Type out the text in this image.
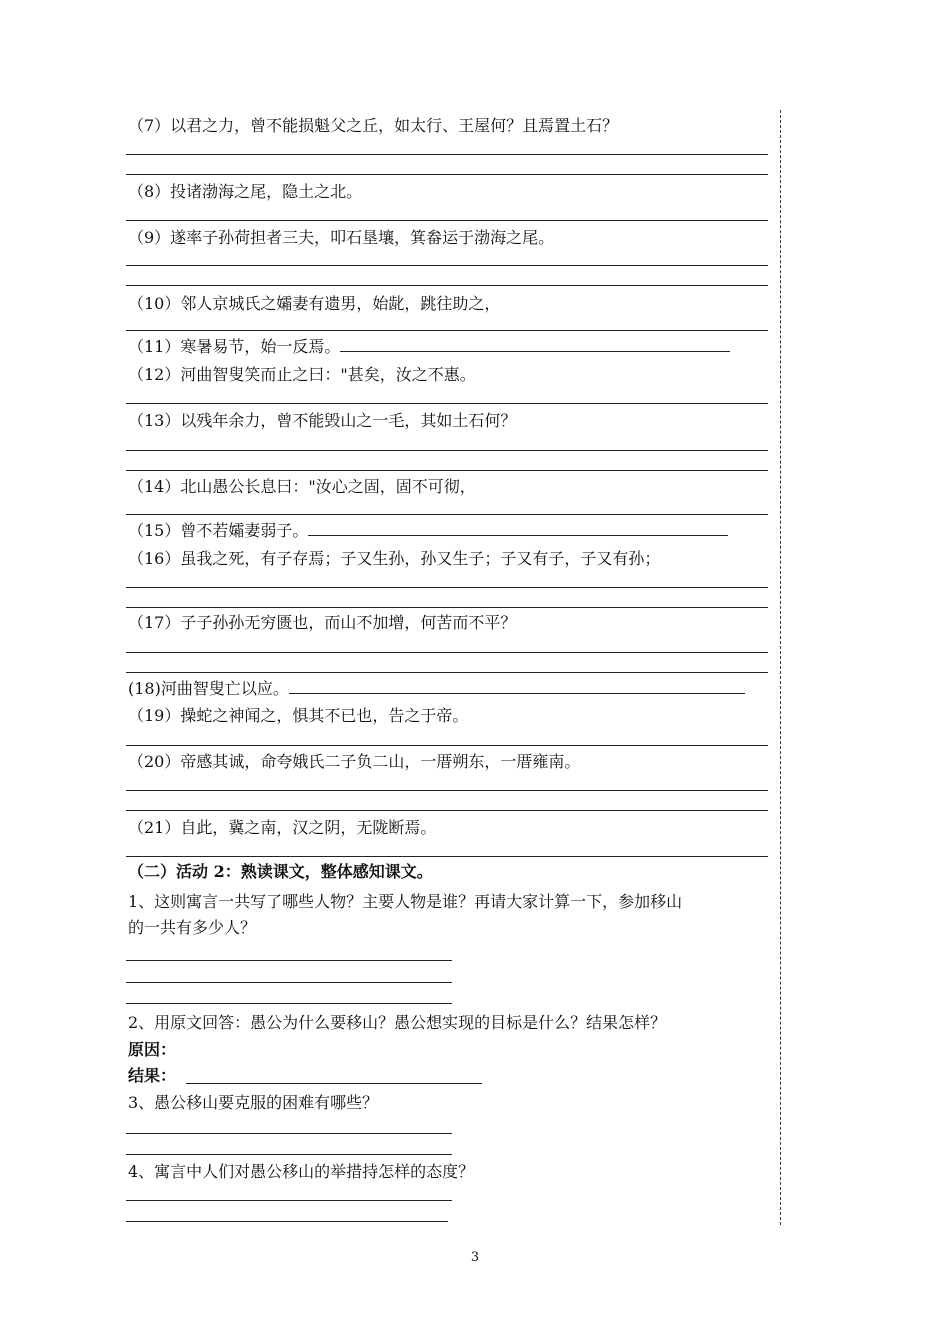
（7）以君之力，曾不能损魁父之丘，如太行、王屋何？且焉置土石？
（8）投诸渤海之尾，隐土之北。
（9）遂率子孙荷担者三夫，叩石垦壤，箕畚运于渤海之尾。
（10）邻人京城氏之孀妻有遗男，始龀，跳往助之，
（11）寒暑易节，始一反焉。
（12）河曲智叟笑而止之曰："甚矣，汝之不惠。
（13）以残年余力，曾不能毁山之一毛，其如土石何？
（14）北山愚公长息曰："汝心之固，固不可彻，
（15）曾不若孀妻弱子。
（16）虽我之死，有子存焉；子又生孙，孙又生子；子又有子，子又有孙；
（17）子子孙孙无穷匮也，而山不加增，何苦而不平？
(18)河曲智叟亡以应。
（19）操蛇之神闻之，惧其不已也，告之于帝。
（20）帝感其诚，命夸娥氏二子负二山，一厝朔东，一厝雍南。
（21）自此，冀之南，汉之阴，无陇断焉。
（二）活动 2：熟读课文，整体感知课文。
1、这则寓言一共写了哪些人物？主要人物是谁？再请大家计算一下，参加移山
的一共有多少人？
2、用原文回答：愚公为什么要移山？愚公想实现的目标是什么？结果怎样？
原因：
结果：
3、愚公移山要克服的困难有哪些？
4、寓言中人们对愚公移山的举措持怎样的态度？
3
